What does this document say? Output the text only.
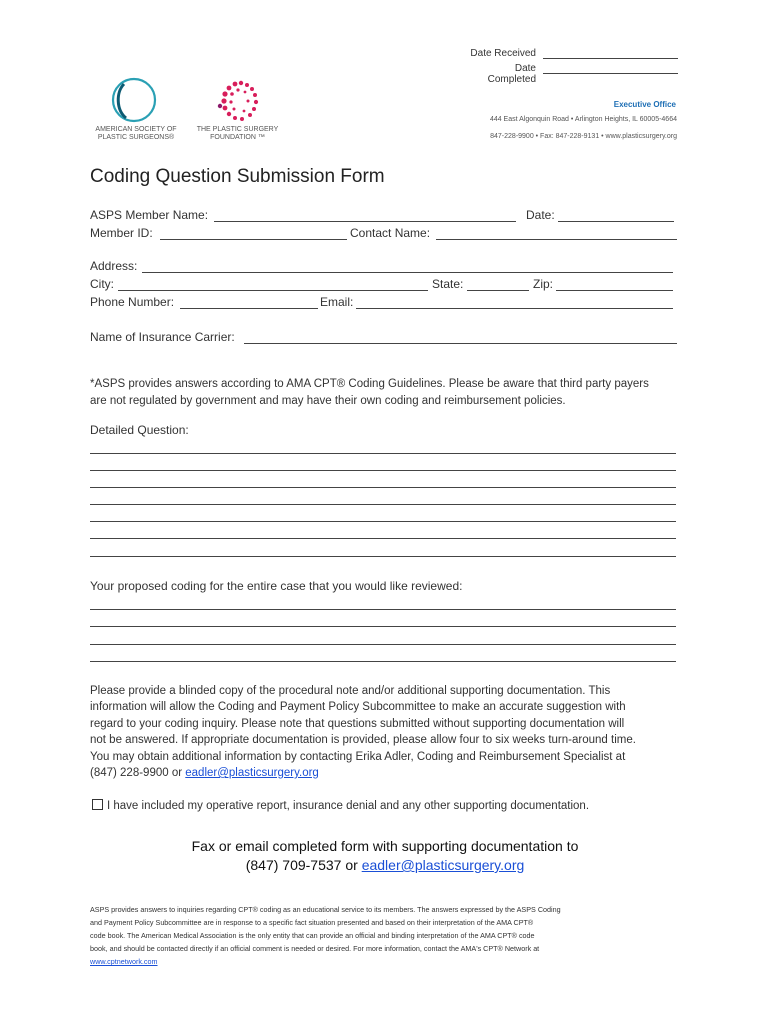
Date Received
Date Completed
AMERICAN SOCIETY OF
PLASTIC SURGEONS®
THE PLASTIC SURGERY
FOUNDATION ™
Executive Office
444 East Algonquin Road • Arlington Heights, IL 60005-4664
847-228-9900 • Fax: 847-228-9131 • www.plasticsurgery.org
Coding Question Submission Form
ASPS Member Name:	Date:
Member ID:	Contact Name:
Address:
City:	State:	Zip:
Phone Number:	Email:
Name of Insurance Carrier:
*ASPS provides answers according to AMA CPT® Coding Guidelines. Please be aware that third party payers
are not regulated by government and may have their own coding and reimbursement policies.
Detailed Question:
Your proposed coding for the entire case that you would like reviewed:
Please provide a blinded copy of the procedural note and/or additional supporting documentation. This
information will allow the Coding and Payment Policy Subcommittee to make an accurate suggestion with
regard to your coding inquiry. Please note that questions submitted without supporting documentation will
not be answered. If appropriate documentation is provided, please allow four to six weeks turn-around time.
You may obtain additional information by contacting Erika Adler, Coding and Reimbursement Specialist at
(847) 228-9900 or eadler@plasticsurgery.org
I have included my operative report, insurance denial and any other supporting documentation.
Fax or email completed form with supporting documentation to
(847) 709-7537 or eadler@plasticsurgery.org
ASPS provides answers to inquiries regarding CPT® coding as an educational service to its members. The answers expressed by the ASPS Coding
and Payment Policy Subcommittee are in response to a specific fact situation presented and based on their interpretation of the AMA CPT®
code book. The American Medical Association is the only entity that can provide an official and binding interpretation of the AMA CPT® code
book, and should be contacted directly if an official comment is needed or desired. For more information, contact the AMA's CPT® Network at
www.cptnetwork.com
